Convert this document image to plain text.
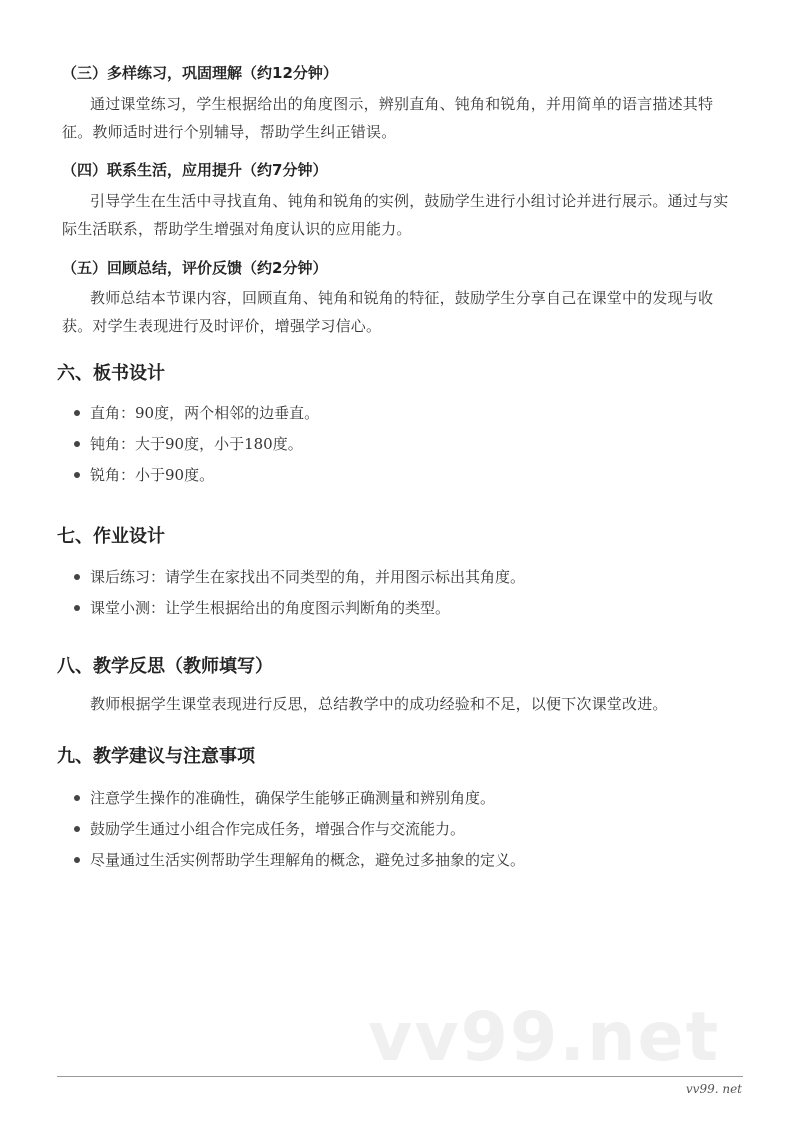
（三）多样练习，巩固理解（约12分钟）

通过课堂练习，学生根据给出的角度图示，辨别直角、钝角和锐角，并用简单的语言描述其特征。教师适时进行个别辅导，帮助学生纠正错误。

（四）联系生活，应用提升（约7分钟）

引导学生在生活中寻找直角、钝角和锐角的实例，鼓励学生进行小组讨论并进行展示。通过与实际生活联系，帮助学生增强对角度认识的应用能力。

（五）回顾总结，评价反馈（约2分钟）

教师总结本节课内容，回顾直角、钝角和锐角的特征，鼓励学生分享自己在课堂中的发现与收获。对学生表现进行及时评价，增强学习信心。

六、板书设计
直角：90度，两个相邻的边垂直。
钝角：大于90度，小于180度。
锐角：小于90度。
七、作业设计
课后练习：请学生在家找出不同类型的角，并用图示标出其角度。
课堂小测：让学生根据给出的角度图示判断角的类型。
八、教学反思（教师填写）

教师根据学生课堂表现进行反思，总结教学中的成功经验和不足，以便下次课堂改进。

九、教学建议与注意事项
注意学生操作的准确性，确保学生能够正确测量和辨别角度。
鼓励学生通过小组合作完成任务，增强合作与交流能力。
尽量通过生活实例帮助学生理解角的概念，避免过多抽象的定义。
vv99.net
vv99. net
